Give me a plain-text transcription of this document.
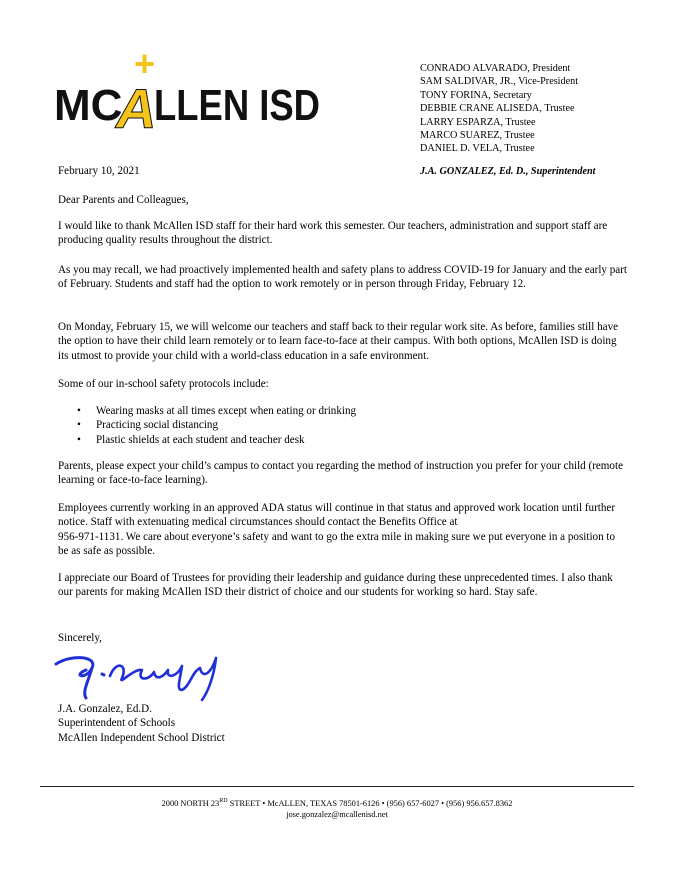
MC
A
+
LLEN ISD
CONRADO ALVARADO, President
SAM SALDIVAR, JR., Vice-President
TONY FORINA, Secretary
DEBBIE CRANE ALISEDA, Trustee
LARRY ESPARZA, Trustee
MARCO SUAREZ, Trustee
DANIEL D. VELA, Trustee
J.A. GONZALEZ, Ed. D., Superintendent
February 10, 2021
Dear Parents and Colleagues,
I would like to thank McAllen ISD staff for their hard work this semester. Our teachers, administration and support staff are producing quality results throughout the district.
As you may recall, we had proactively implemented health and safety plans to address COVID-19 for January and the early part of February. Students and staff had the option to work remotely or in person through Friday, February 12.
On Monday, February 15, we will welcome our teachers and staff back to their regular work site. As before, families still have the option to have their child learn remotely or to learn face-to-face at their campus. With both options, McAllen ISD is doing its utmost to provide your child with a world-class education in a safe environment.
Some of our in-school safety protocols include:
• Wearing masks at all times except when eating or drinking
• Practicing social distancing
• Plastic shields at each student and teacher desk
Parents, please expect your child’s campus to contact you regarding the method of instruction you prefer for your child (remote learning or face-to-face learning).
Employees currently working in an approved ADA status will continue in that status and approved work location until further notice. Staff with extenuating medical circumstances should contact the Benefits Office at
956-971-1131. We care about everyone’s safety and want to go the extra mile in making sure we put everyone in a position to be as safe as possible.
I appreciate our Board of Trustees for providing their leadership and guidance during these unprecedented times. I also thank our parents for making McAllen ISD their district of choice and our students for working so hard. Stay safe.
Sincerely,
J.A. Gonzalez, Ed.D.
Superintendent of Schools
McAllen Independent School District
2000 NORTH 23RD STREET • McALLEN, TEXAS 78501-6126 • (956) 657-6027 • (956) 956.657.8362
jose.gonzalez@mcallenisd.net
